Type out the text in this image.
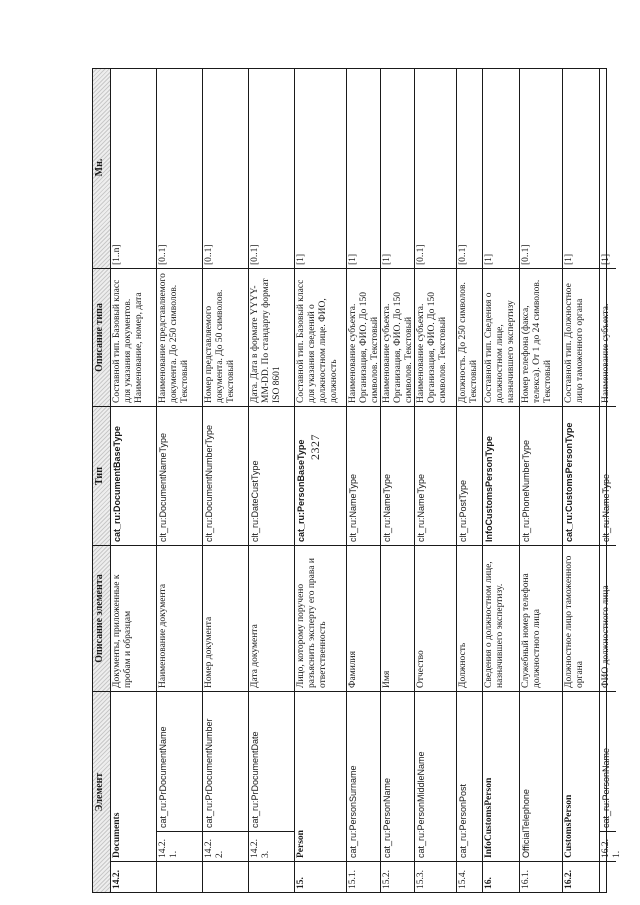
2327
Элемент
Описание элемента
Тип
Описание типа
Мн.
14.2.
Documents
Документы, приложенные к пробам и образцам
cat_ru:DocumentBaseType
Составной тип. Базовый класс для указания документов. Наименование, номер, дата
[1..n]
14.2.1.
cat_ru:PrDocumentName
Наименование документа
clt_ru:DocumentNameType
Наименование представляемого документа. До 250 символов. Текстовый
[0..1]
14.2.2.
cat_ru:PrDocumentNumber
Номер документа
clt_ru:DocumentNumberType
Номер представляемого документа. До 50 символов. Текстовый
[0..1]
14.2.3.
cat_ru:PrDocumentDate
Дата документа
clt_ru:DateCustType
Дата. Дата в формате YYYY-MM-DD. По стандарту формат ISO 8601
[0..1]
15.
Person
Лицо, которому поручено разъяснить эксперту его права и ответственность
cat_ru:PersonBaseType
Составной тип. Базовый класс для указания сведений о должностном лице. ФИО, должность
[1]
15.1.
cat_ru:PersonSurname
Фамилия
clt_ru:NameType
Наименование субъекта. Организация, ФИО. До 150 символов. Текстовый
[1]
15.2.
cat_ru:PersonName
Имя
clt_ru:NameType
Наименование субъекта. Организация, ФИО. До 150 символов. Текстовый
[1]
15.3.
cat_ru:PersonMiddleName
Отчество
clt_ru:NameType
Наименование субъекта. Организация, ФИО. До 150 символов. Текстовый
[0..1]
15.4.
cat_ru:PersonPost
Должность
clt_ru:PostType
Должность. До 250 символов. Текстовый
[0..1]
16.
InfoCustomsPerson
Сведения о должностном лице, назначившего экспертизу.
InfoCustomsPersonType
Составной тип. Сведения о должностном лице, назначившего экспертизу
[1]
16.1.
OfficialTelephone
Служебный номер телефона должностного лица
clt_ru:PhoneNumberType
Номер телефона (факса, телекса). От 1 до 24 символов. Текстовый
[0..1]
16.2.
CustomsPerson
Должностное лицо таможенного органа
cat_ru:CustomsPersonType
Составной тип. Должностное лицо таможенного органа
[1]
16.2.1.
cat_ru:PersonName
ФИО должностного лица
clt_ru:NameType
Наименование субъекта.
[1]
